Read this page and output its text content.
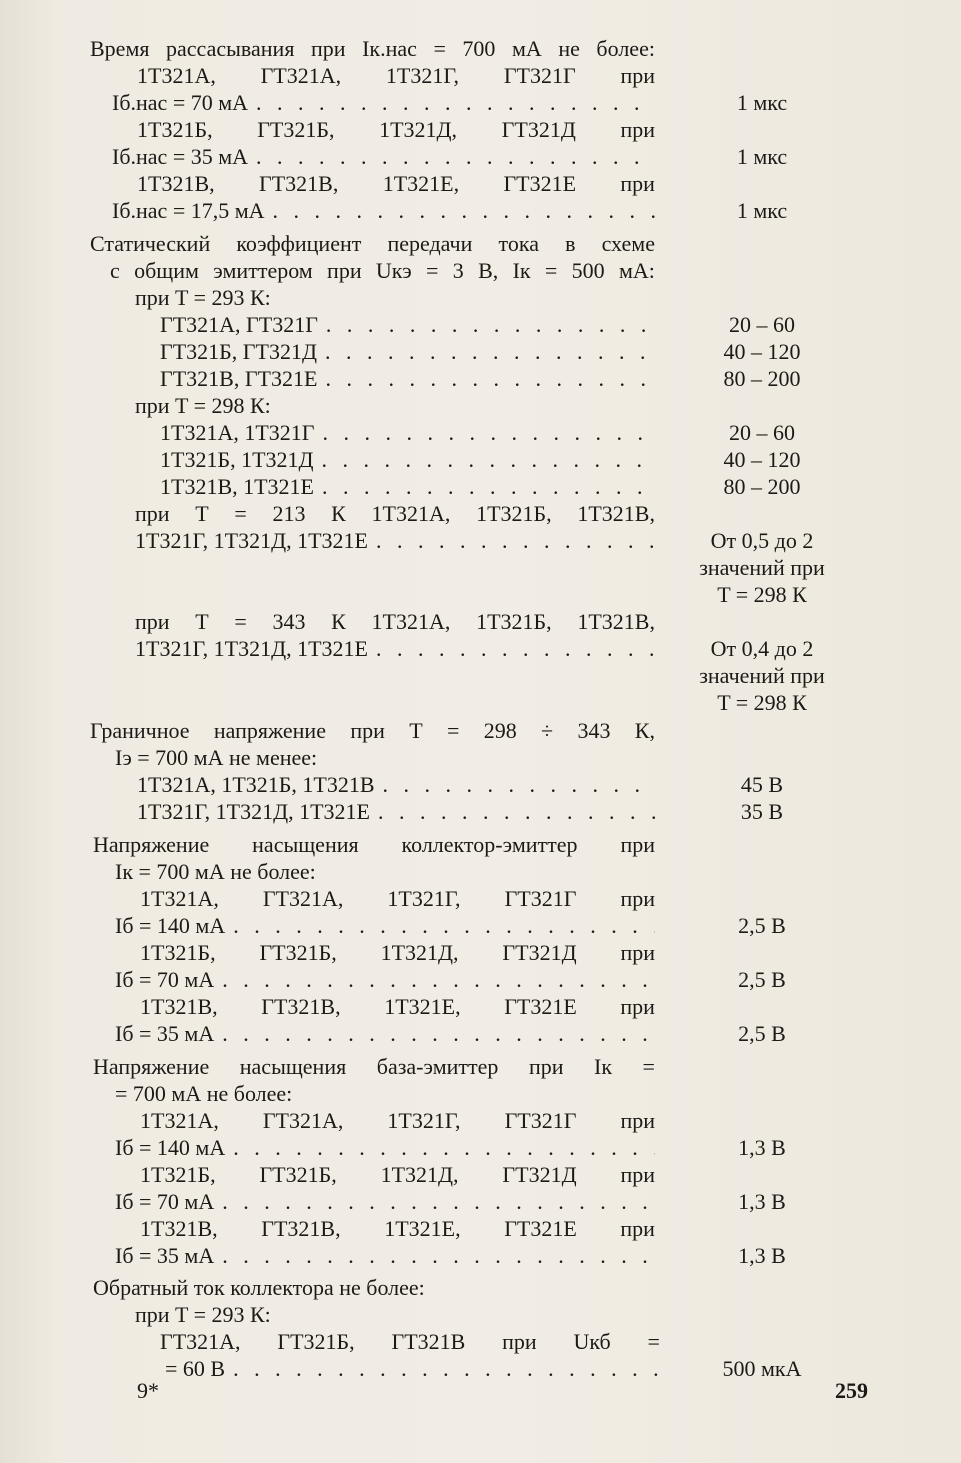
Время рассасывания при Iк.нас = 700 мА не более:
1Т321А, ГТ321А, 1Т321Г, ГТ321Г при
Iб.нас = 70 мА . . .	1 мкс
1Т321Б, ГТ321Б, 1Т321Д, ГТ321Д при
Iб.нас = 35 мА . . .	1 мкс
1Т321В, ГТ321В, 1Т321Е, ГТ321Е при
Iб.нас = 17,5 мА . . .	1 мкс
Статический коэффициент передачи тока в схеме
с общим эмиттером при Uкэ = 3 В, Iк = 500 мА:
при T = 293 К:
ГТ321А, ГТ321Г . . .	20 – 60
ГТ321Б, ГТ321Д . . .	40 – 120
ГТ321В, ГТ321Е . . .	80 – 200
при T = 298 К:
1Т321А, 1Т321Г . . .	20 – 60
1Т321Б, 1Т321Д . . .	40 – 120
1Т321В, 1Т321Е . . .	80 – 200
при T = 213 К 1Т321А, 1Т321Б, 1Т321В,
1Т321Г, 1Т321Д, 1Т321Е . . .	От 0,5 до 2
значений при
T = 298 К
при T = 343 К 1Т321А, 1Т321Б, 1Т321В,
1Т321Г, 1Т321Д, 1Т321Е . . .	От 0,4 до 2
значений при
T = 298 К
Граничное напряжение при T = 298 ÷ 343 К,
Iэ = 700 мА не менее:
1Т321А, 1Т321Б, 1Т321В . . .	45 В
1Т321Г, 1Т321Д, 1Т321Е . . .	35 В
Напряжение насыщения коллектор-эмиттер при
Iк = 700 мА не более:
1Т321А, ГТ321А, 1Т321Г, ГТ321Г при
Iб = 140 мА . . .	2,5 В
1Т321Б, ГТ321Б, 1Т321Д, ГТ321Д при
Iб = 70 мА . . .	2,5 В
1Т321В, ГТ321В, 1Т321Е, ГТ321Е при
Iб = 35 мА . . .	2,5 В
Напряжение насыщения база-эмиттер при Iк =
= 700 мА не более:
1Т321А, ГТ321А, 1Т321Г, ГТ321Г при
Iб = 140 мА . . .	1,3 В
1Т321Б, ГТ321Б, 1Т321Д, ГТ321Д при
Iб = 70 мА . . .	1,3 В
1Т321В, ГТ321В, 1Т321Е, ГТ321Е при
Iб = 35 мА . . .	1,3 В
Обратный ток коллектора не более:
при T = 293 К:
ГТ321А, ГТ321Б, ГТ321В при Uкб =
= 60 В . . .	500 мкА
9*	259
